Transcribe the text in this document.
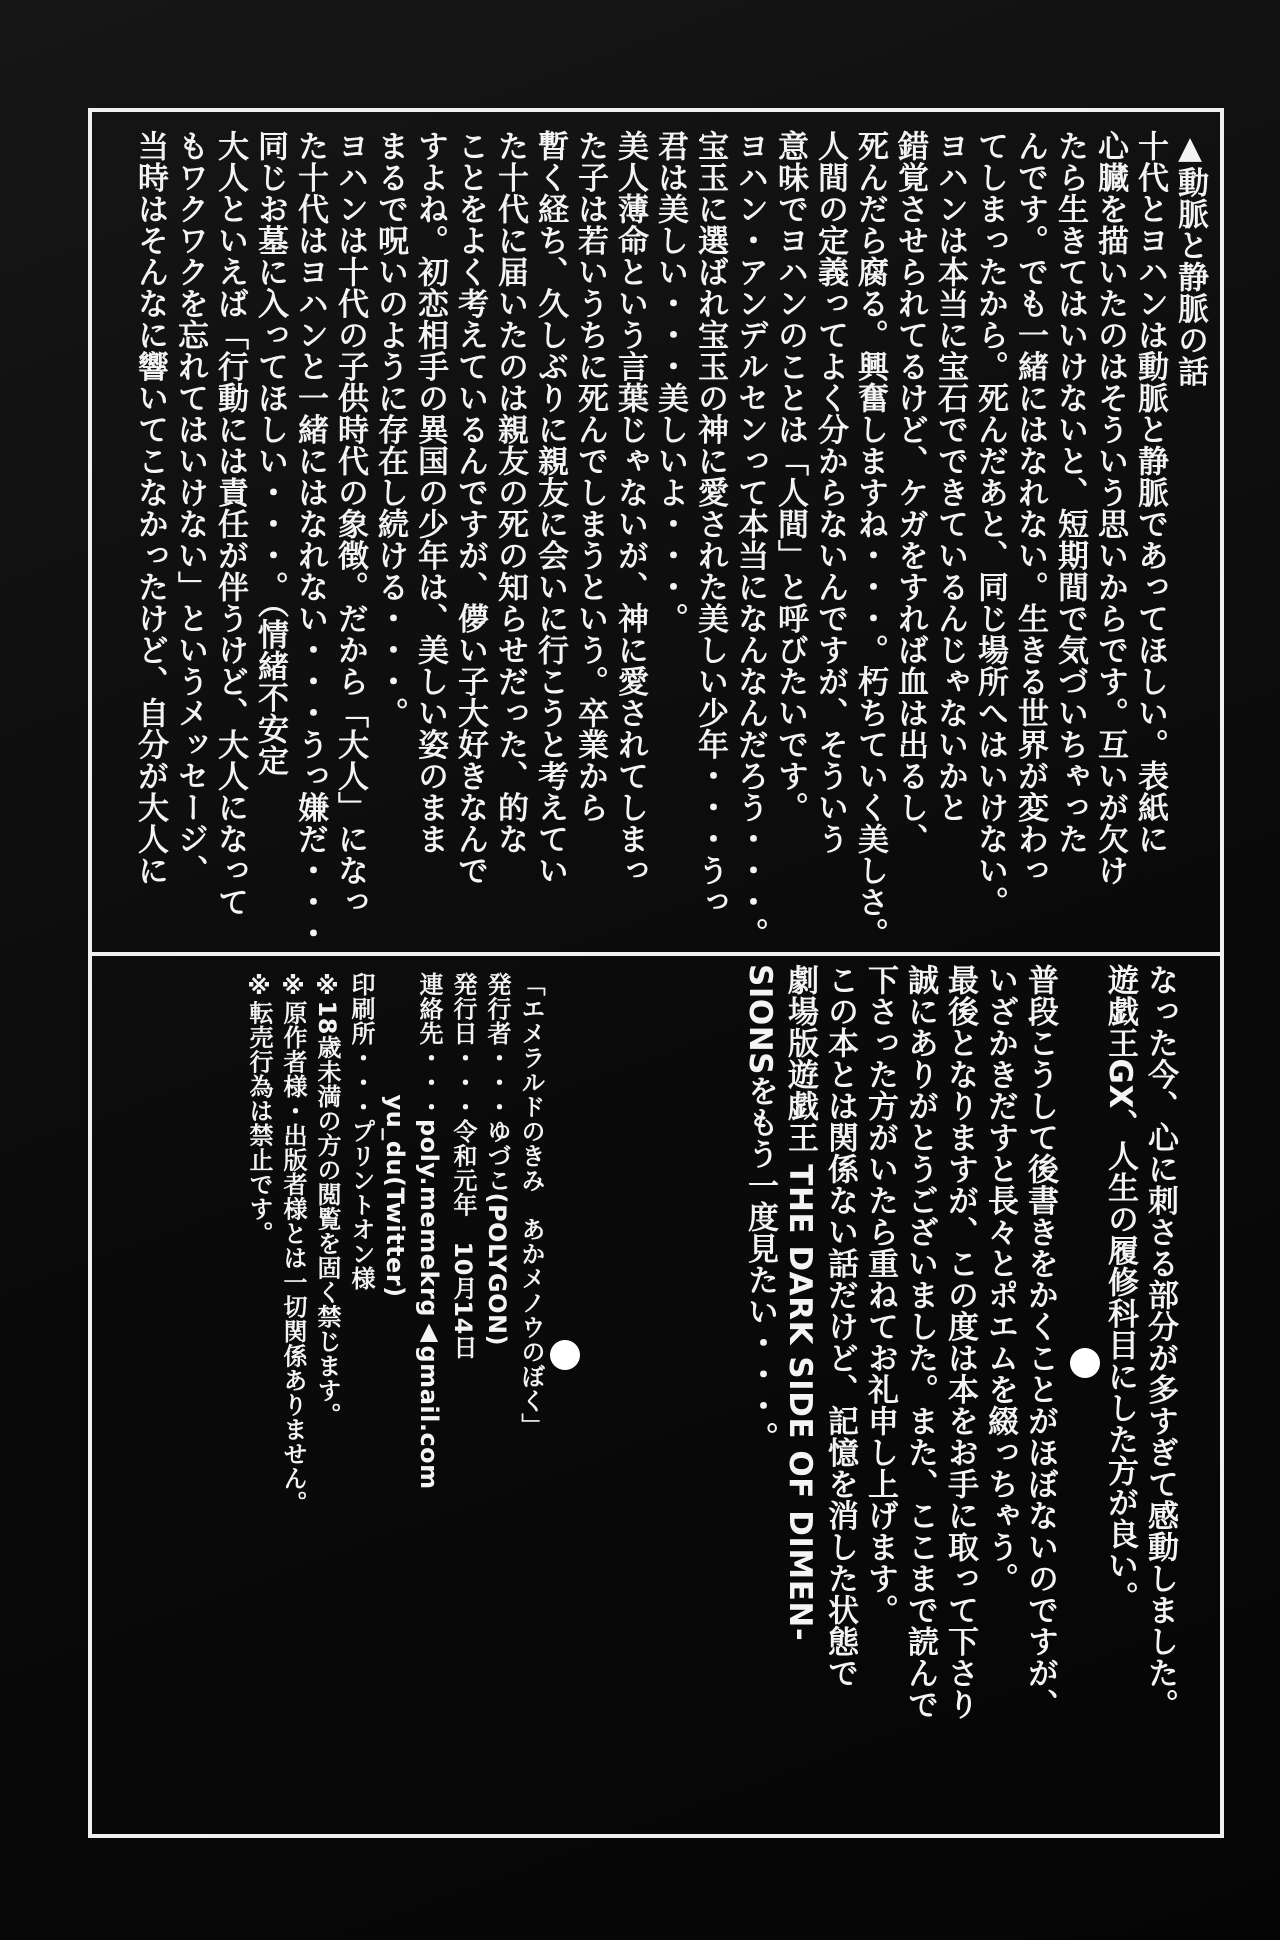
▲動脈と静脈の話
十代とヨハンは動脈と静脈であってほしい。表紙に
心臓を描いたのはそういう思いからです。互いが欠け
たら生きてはいけないと、短期間で気づいちゃった
んです。でも一緒にはなれない。生きる世界が変わっ
てしまったから。死んだあと、同じ場所へはいけない。
ヨハンは本当に宝石でできているんじゃないかと
錯覚させられてるけど、ケガをすれば血は出るし、
死んだら腐る。興奮しますね・・・。朽ちていく美しさ。
人間の定義ってよく分からないんですが、そういう
意味でヨハンのことは「人間」と呼びたいです。
ヨハン・アンデルセンって本当になんなんだろう・・・。
宝玉に選ばれ宝玉の神に愛された美しい少年・・・うっ
君は美しい・・・美しいよ・・・。
美人薄命という言葉じゃないが、神に愛されてしまっ
た子は若いうちに死んでしまうという。卒業から
暫く経ち、久しぶりに親友に会いに行こうと考えてい
た十代に届いたのは親友の死の知らせだった、的な
ことをよく考えているんですが、儚い子大好きなんで
すよね。初恋相手の異国の少年は、美しい姿のまま
まるで呪いのように存在し続ける・・・。
ヨハンは十代の子供時代の象徴。だから「大人」になっ
た十代はヨハンと一緒にはなれない・・・うっ嫌だ・・・
同じお墓に入ってほしい・・・。（情緒不安定
大人といえば「行動には責任が伴うけど、大人になって
もワクワクを忘れてはいけない」というメッセージ、
当時はそんなに響いてこなかったけど、自分が大人に
なった今、心に刺さる部分が多すぎて感動しました。
遊戯王GX、人生の履修科目にした方が良い。

普段こうして後書きをかくことがほぼないのですが、
いざかきだすと長々とポエムを綴っちゃう。
最後となりますが、この度は本をお手に取って下さり
誠にありがとうございました。また、ここまで読んで
下さった方がいたら重ねてお礼申し上げます。
この本とは関係ない話だけど、記憶を消した状態で
劇場版遊戯王 THE DARK SIDE OF DIMEN-
SIONSをもう一度見たい・・・。
「エメラルドのきみ　あかメノウのぼく」
発行者・・・ゆづこ(POLYGON)
発行日・・・令和元年　10月14日
連絡先・・・poly.memekrg▲gmail.com
　　　　　yu_du(Twitter)
印刷所・・・プリントオン様
※18歳未満の方の閲覧を固く禁じます。
※原作者様・出版者様とは一切関係ありません。
※転売行為は禁止です。
